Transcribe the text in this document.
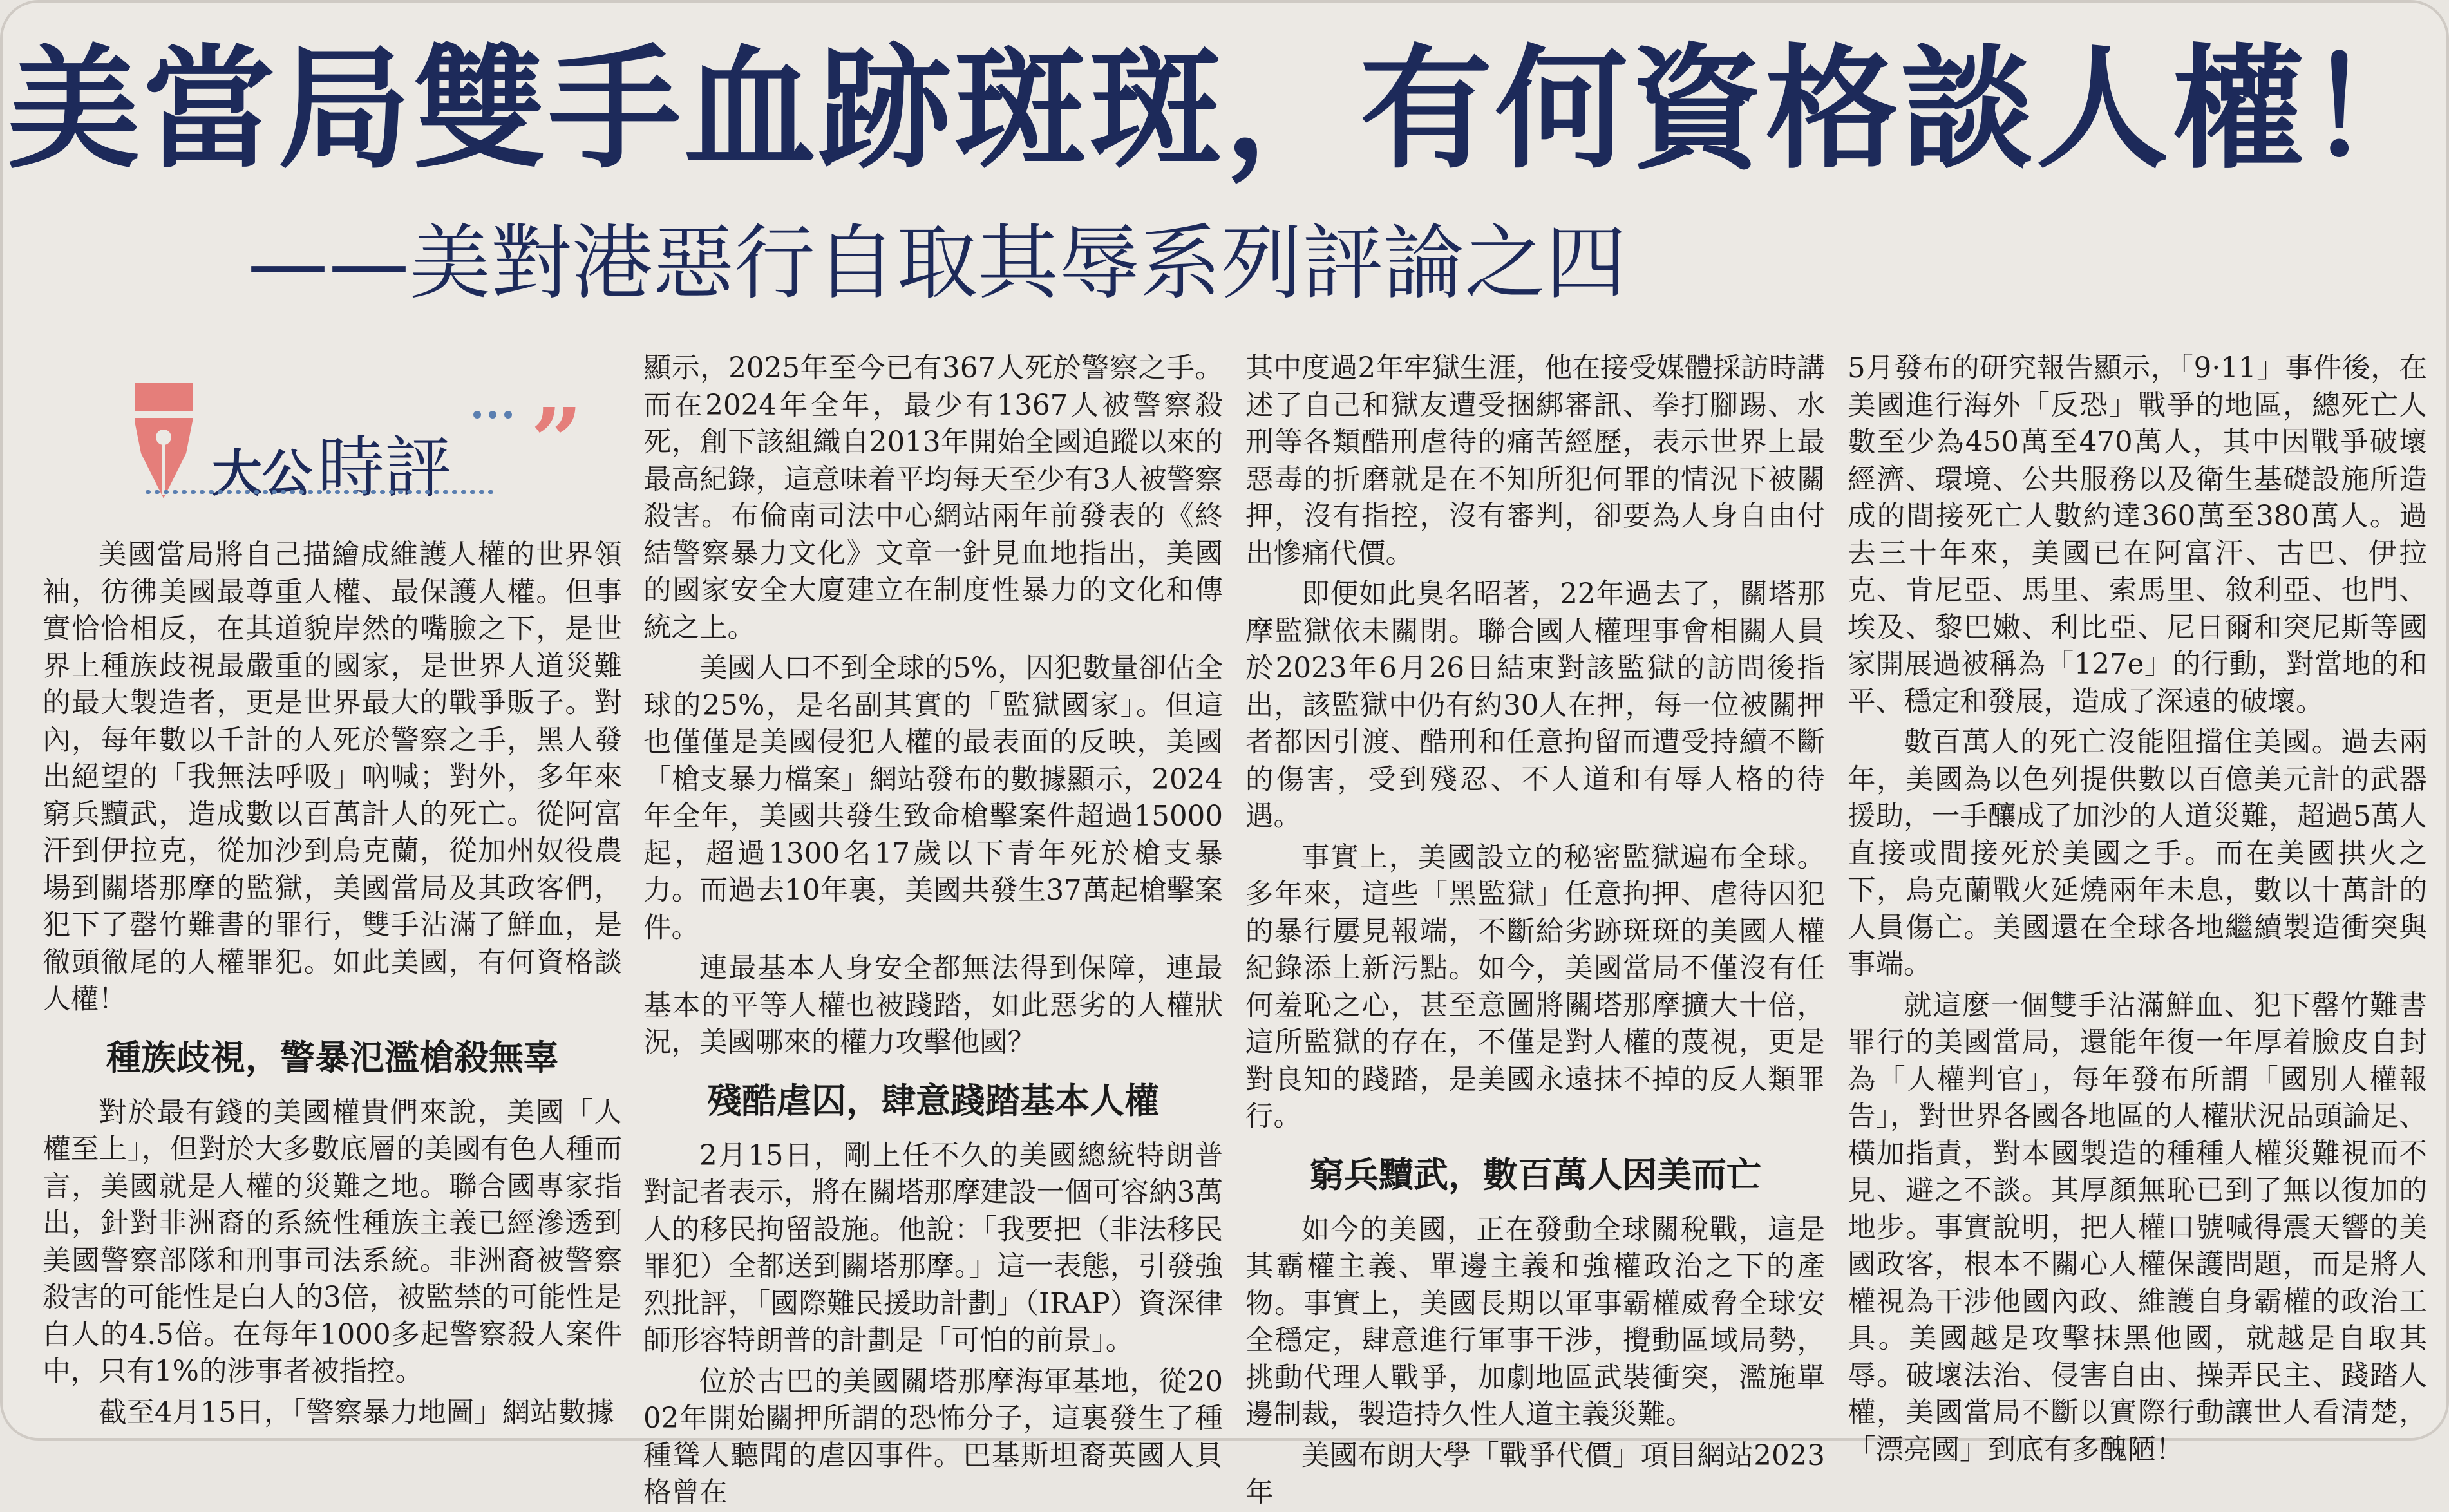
美當局雙手血跡斑斑，有何資格談人權！
——美對港惡行自取其辱系列評論之四
大公時評 ”

美國當局將自己描繪成維護人權的世界領袖，彷彿美國最尊重人權、最保護人權。但事實恰恰相反，在其道貌岸然的嘴臉之下，是世界上種族歧視最嚴重的國家，是世界人道災難的最大製造者，更是世界最大的戰爭販子。對內，每年數以千計的人死於警察之手，黑人發出絕望的「我無法呼吸」吶喊；對外，多年來窮兵黷武，造成數以百萬計人的死亡。從阿富汗到伊拉克，從加沙到烏克蘭，從加州奴役農場到關塔那摩的監獄，美國當局及其政客們，犯下了罄竹難書的罪行，雙手沾滿了鮮血，是徹頭徹尾的人權罪犯。如此美國，有何資格談人權！

種族歧視，警暴氾濫槍殺無辜

對於最有錢的美國權貴們來說，美國「人權至上」，但對於大多數底層的美國有色人種而言，美國就是人權的災難之地。聯合國專家指出，針對非洲裔的系統性種族主義已經滲透到美國警察部隊和刑事司法系統。非洲裔被警察殺害的可能性是白人的3倍，被監禁的可能性是白人的4.5倍。在每年1000多起警察殺人案件中，只有1%的涉事者被指控。

截至4月15日，「警察暴力地圖」網站數據

顯示，2025年至今已有367人死於警察之手。而在2024年全年，最少有1367人被警察殺死，創下該組織自2013年開始全國追蹤以來的最高紀錄，這意味着平均每天至少有3人被警察殺害。布倫南司法中心網站兩年前發表的《終結警察暴力文化》文章一針見血地指出，美國的國家安全大廈建立在制度性暴力的文化和傳統之上。

美國人口不到全球的5%，囚犯數量卻佔全球的25%，是名副其實的「監獄國家」。但這也僅僅是美國侵犯人權的最表面的反映，美國「槍支暴力檔案」網站發布的數據顯示，2024年全年，美國共發生致命槍擊案件超過15000起，超過1300名17歲以下青年死於槍支暴力。而過去10年裏，美國共發生37萬起槍擊案件。

連最基本人身安全都無法得到保障，連最基本的平等人權也被踐踏，如此惡劣的人權狀況，美國哪來的權力攻擊他國？

殘酷虐囚，肆意踐踏基本人權

2月15日，剛上任不久的美國總統特朗普對記者表示，將在關塔那摩建設一個可容納3萬人的移民拘留設施。他說：「我要把（非法移民罪犯）全都送到關塔那摩。」這一表態，引發強烈批評，「國際難民援助計劃」（IRAP）資深律師形容特朗普的計劃是「可怕的前景」。

位於古巴的美國關塔那摩海軍基地，從2002年開始關押所謂的恐怖分子，這裏發生了種種聳人聽聞的虐囚事件。巴基斯坦裔英國人貝格曾在

其中度過2年牢獄生涯，他在接受媒體採訪時講述了自己和獄友遭受捆綁審訊、拳打腳踢、水刑等各類酷刑虐待的痛苦經歷，表示世界上最惡毒的折磨就是在不知所犯何罪的情況下被關押，沒有指控，沒有審判，卻要為人身自由付出慘痛代價。

即便如此臭名昭著，22年過去了，關塔那摩監獄依未關閉。聯合國人權理事會相關人員於2023年6月26日結束對該監獄的訪問後指出，該監獄中仍有約30人在押，每一位被關押者都因引渡、酷刑和任意拘留而遭受持續不斷的傷害，受到殘忍、不人道和有辱人格的待遇。

事實上，美國設立的秘密監獄遍布全球。多年來，這些「黑監獄」任意拘押、虐待囚犯的暴行屢見報端，不斷給劣跡斑斑的美國人權紀錄添上新污點。如今，美國當局不僅沒有任何羞恥之心，甚至意圖將關塔那摩擴大十倍，這所監獄的存在，不僅是對人權的蔑視，更是對良知的踐踏，是美國永遠抹不掉的反人類罪行。

窮兵黷武，數百萬人因美而亡

如今的美國，正在發動全球關稅戰，這是其霸權主義、單邊主義和強權政治之下的產物。事實上，美國長期以軍事霸權威脅全球安全穩定，肆意進行軍事干涉，攪動區域局勢，挑動代理人戰爭，加劇地區武裝衝突，濫施單邊制裁，製造持久性人道主義災難。

美國布朗大學「戰爭代價」項目網站2023年

5月發布的研究報告顯示，「9·11」事件後，在美國進行海外「反恐」戰爭的地區，總死亡人數至少為450萬至470萬人，其中因戰爭破壞經濟、環境、公共服務以及衛生基礎設施所造成的間接死亡人數約達360萬至380萬人。過去三十年來，美國已在阿富汗、古巴、伊拉克、肯尼亞、馬里、索馬里、敘利亞、也門、埃及、黎巴嫩、利比亞、尼日爾和突尼斯等國家開展過被稱為「127e」的行動，對當地的和平、穩定和發展，造成了深遠的破壞。

數百萬人的死亡沒能阻擋住美國。過去兩年，美國為以色列提供數以百億美元計的武器援助，一手釀成了加沙的人道災難，超過5萬人直接或間接死於美國之手。而在美國拱火之下，烏克蘭戰火延燒兩年未息，數以十萬計的人員傷亡。美國還在全球各地繼續製造衝突與事端。

就這麼一個雙手沾滿鮮血、犯下罄竹難書罪行的美國當局，還能年復一年厚着臉皮自封為「人權判官」，每年發布所謂「國別人權報告」，對世界各國各地區的人權狀況品頭論足、橫加指責，對本國製造的種種人權災難視而不見、避之不談。其厚顏無恥已到了無以復加的地步。事實說明，把人權口號喊得震天響的美國政客，根本不關心人權保護問題，而是將人權視為干涉他國內政、維護自身霸權的政治工具。美國越是攻擊抹黑他國，就越是自取其辱。破壞法治、侵害自由、操弄民主、踐踏人權，美國當局不斷以實際行動讓世人看清楚，「漂亮國」到底有多醜陋！
